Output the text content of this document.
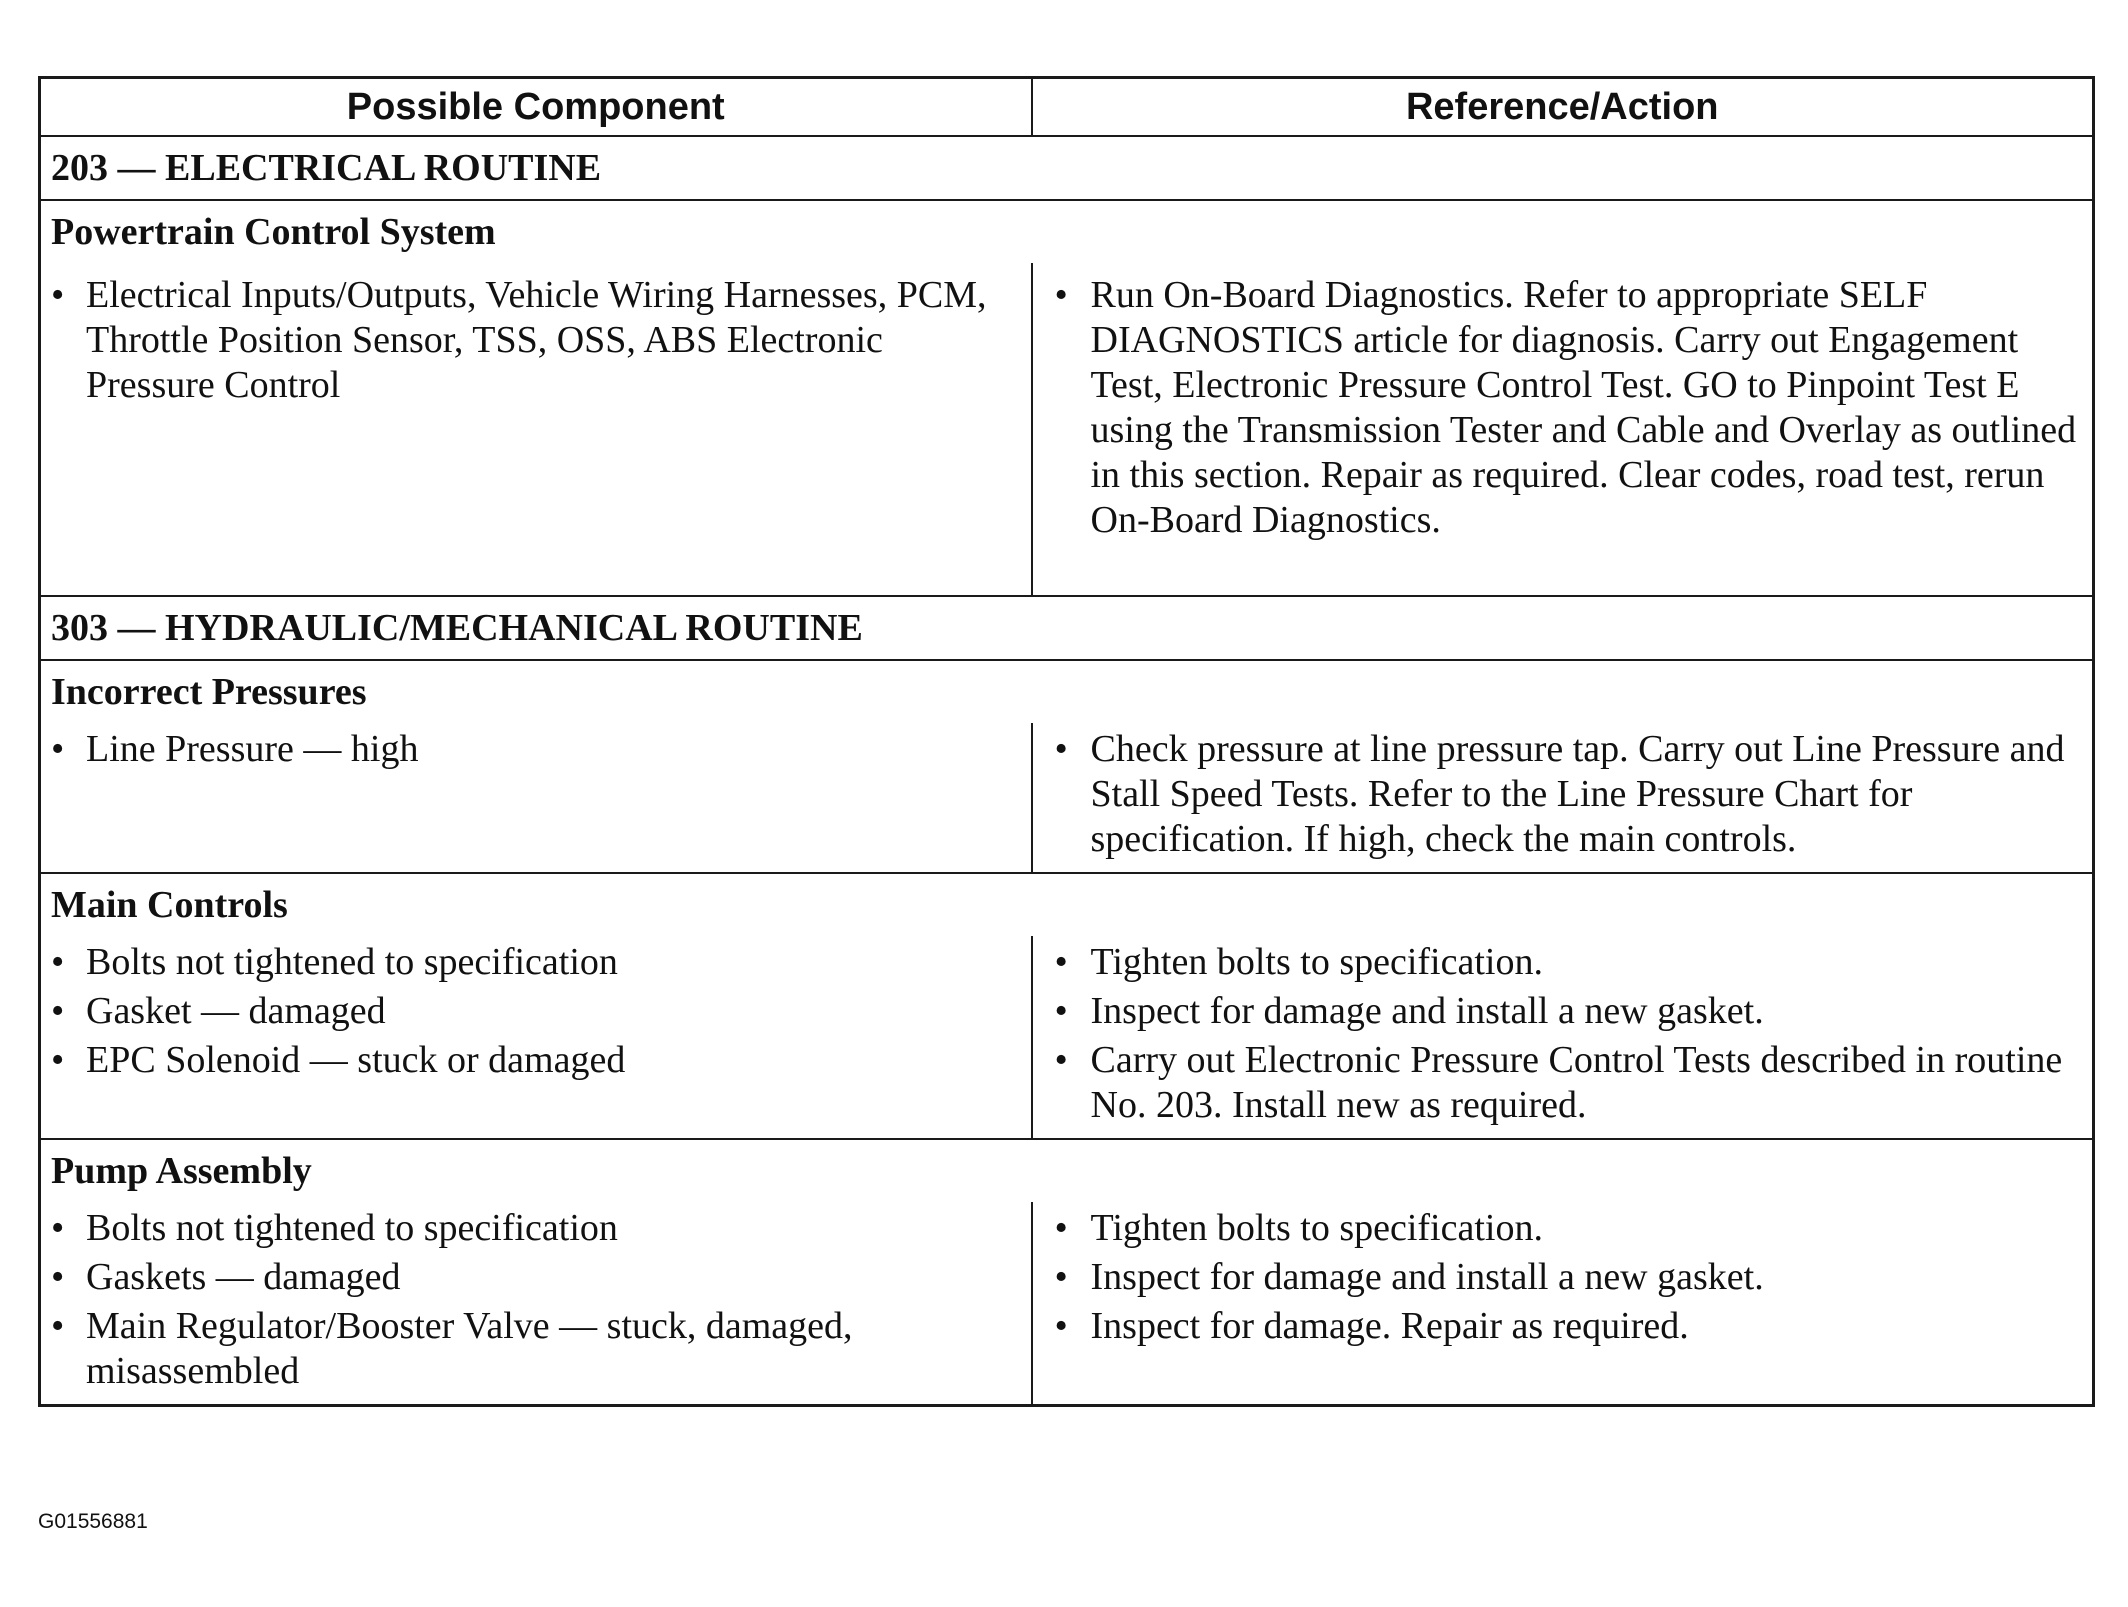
Possible Component	Reference/Action
203 — ELECTRICAL ROUTINE	
Powertrain Control System	

• Electrical Inputs/Outputs, Vehicle Wiring Harnesses, PCM, Throttle Position Sensor, TSS, OSS, ABS Electronic Pressure Control	• Run On-Board Diagnostics. Refer to appropriate SELF DIAGNOSTICS article for diagnosis. Carry out Engagement Test, Electronic Pressure Control Test. GO to Pinpoint Test E using the Transmission Tester and Cable and Overlay as outlined in this section. Repair as required. Clear codes, road test, rerun On-Board Diagnostics.

303 — HYDRAULIC/MECHANICAL ROUTINE	
Incorrect Pressures	

• Line Pressure — high	• Check pressure at line pressure tap. Carry out Line Pressure and Stall Speed Tests. Refer to the Line Pressure Chart for specification. If high, check the main controls.

Main Controls	

• Bolts not tightened to specification	• Tighten bolts to specification.

• Gasket — damaged	• Inspect for damage and install a new gasket.

• EPC Solenoid — stuck or damaged	• Carry out Electronic Pressure Control Tests described in routine No. 203. Install new as required.

Pump Assembly	

• Bolts not tightened to specification	• Tighten bolts to specification.

• Gaskets — damaged	• Inspect for damage and install a new gasket.

• Main Regulator/Booster Valve — stuck, damaged, misassembled	• Inspect for damage. Repair as required.

G01556881
